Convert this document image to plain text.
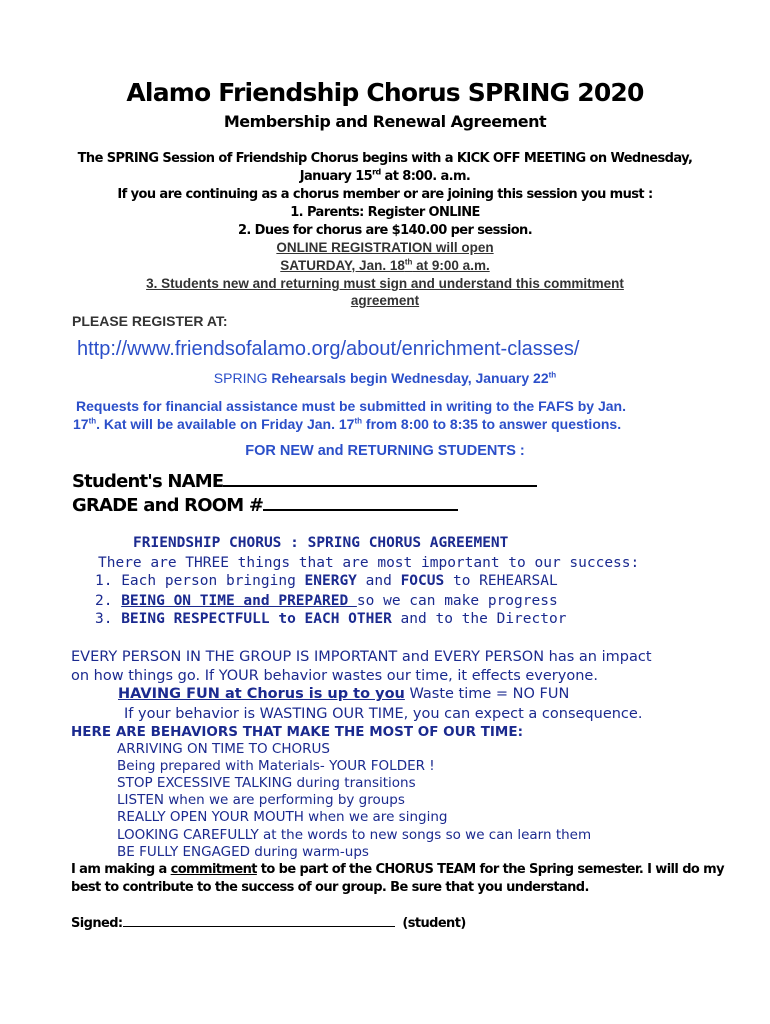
Alamo Friendship Chorus SPRING 2020
Membership and Renewal Agreement
The SPRING Session of Friendship Chorus begins with a KICK OFF MEETING on Wednesday,
January 15rd at 8:00. a.m.
If you are continuing as a chorus member or are joining this session you must :
1. Parents: Register ONLINE
2. Dues for chorus are $140.00 per session.
ONLINE REGISTRATION will open
SATURDAY, Jan. 18th at 9:00 a.m.
3. Students new and returning must sign and understand this commitment
agreement
PLEASE REGISTER AT:
http://www.friendsofalamo.org/about/enrichment-classes/
SPRING Rehearsals begin Wednesday, January 22th
Requests for financial assistance must be submitted in writing to the FAFS by Jan.
17th. Kat will be available on Friday Jan. 17th from 8:00 to 8:35 to answer questions.
FOR NEW and RETURNING STUDENTS :
Student's NAME
GRADE and ROOM #
FRIENDSHIP CHORUS : SPRING CHORUS AGREEMENT
There are THREE things that are most important to our success:
1. Each person bringing ENERGY and FOCUS to REHEARSAL
2. BEING ON TIME and PREPARED so we can make progress
3. BEING RESPECTFULL to EACH OTHER and to the Director
EVERY PERSON IN THE GROUP IS IMPORTANT and EVERY PERSON has an impact
on how things go. If YOUR behavior wastes our time, it effects everyone.
HAVING FUN at Chorus is up to you Waste time = NO FUN
If your behavior is WASTING OUR TIME, you can expect a consequence.
HERE ARE BEHAVIORS THAT MAKE THE MOST OF OUR TIME:
ARRIVING ON TIME TO CHORUS
Being prepared with Materials- YOUR FOLDER !
STOP EXCESSIVE TALKING during transitions
LISTEN when we are performing by groups
REALLY OPEN YOUR MOUTH when we are singing
LOOKING CAREFULLY at the words to new songs so we can learn them
BE FULLY ENGAGED during warm-ups
I am making a commitment to be part of the CHORUS TEAM for the Spring semester. I will do my
best to contribute to the success of our group. Be sure that you understand.
Signed:	(student)
